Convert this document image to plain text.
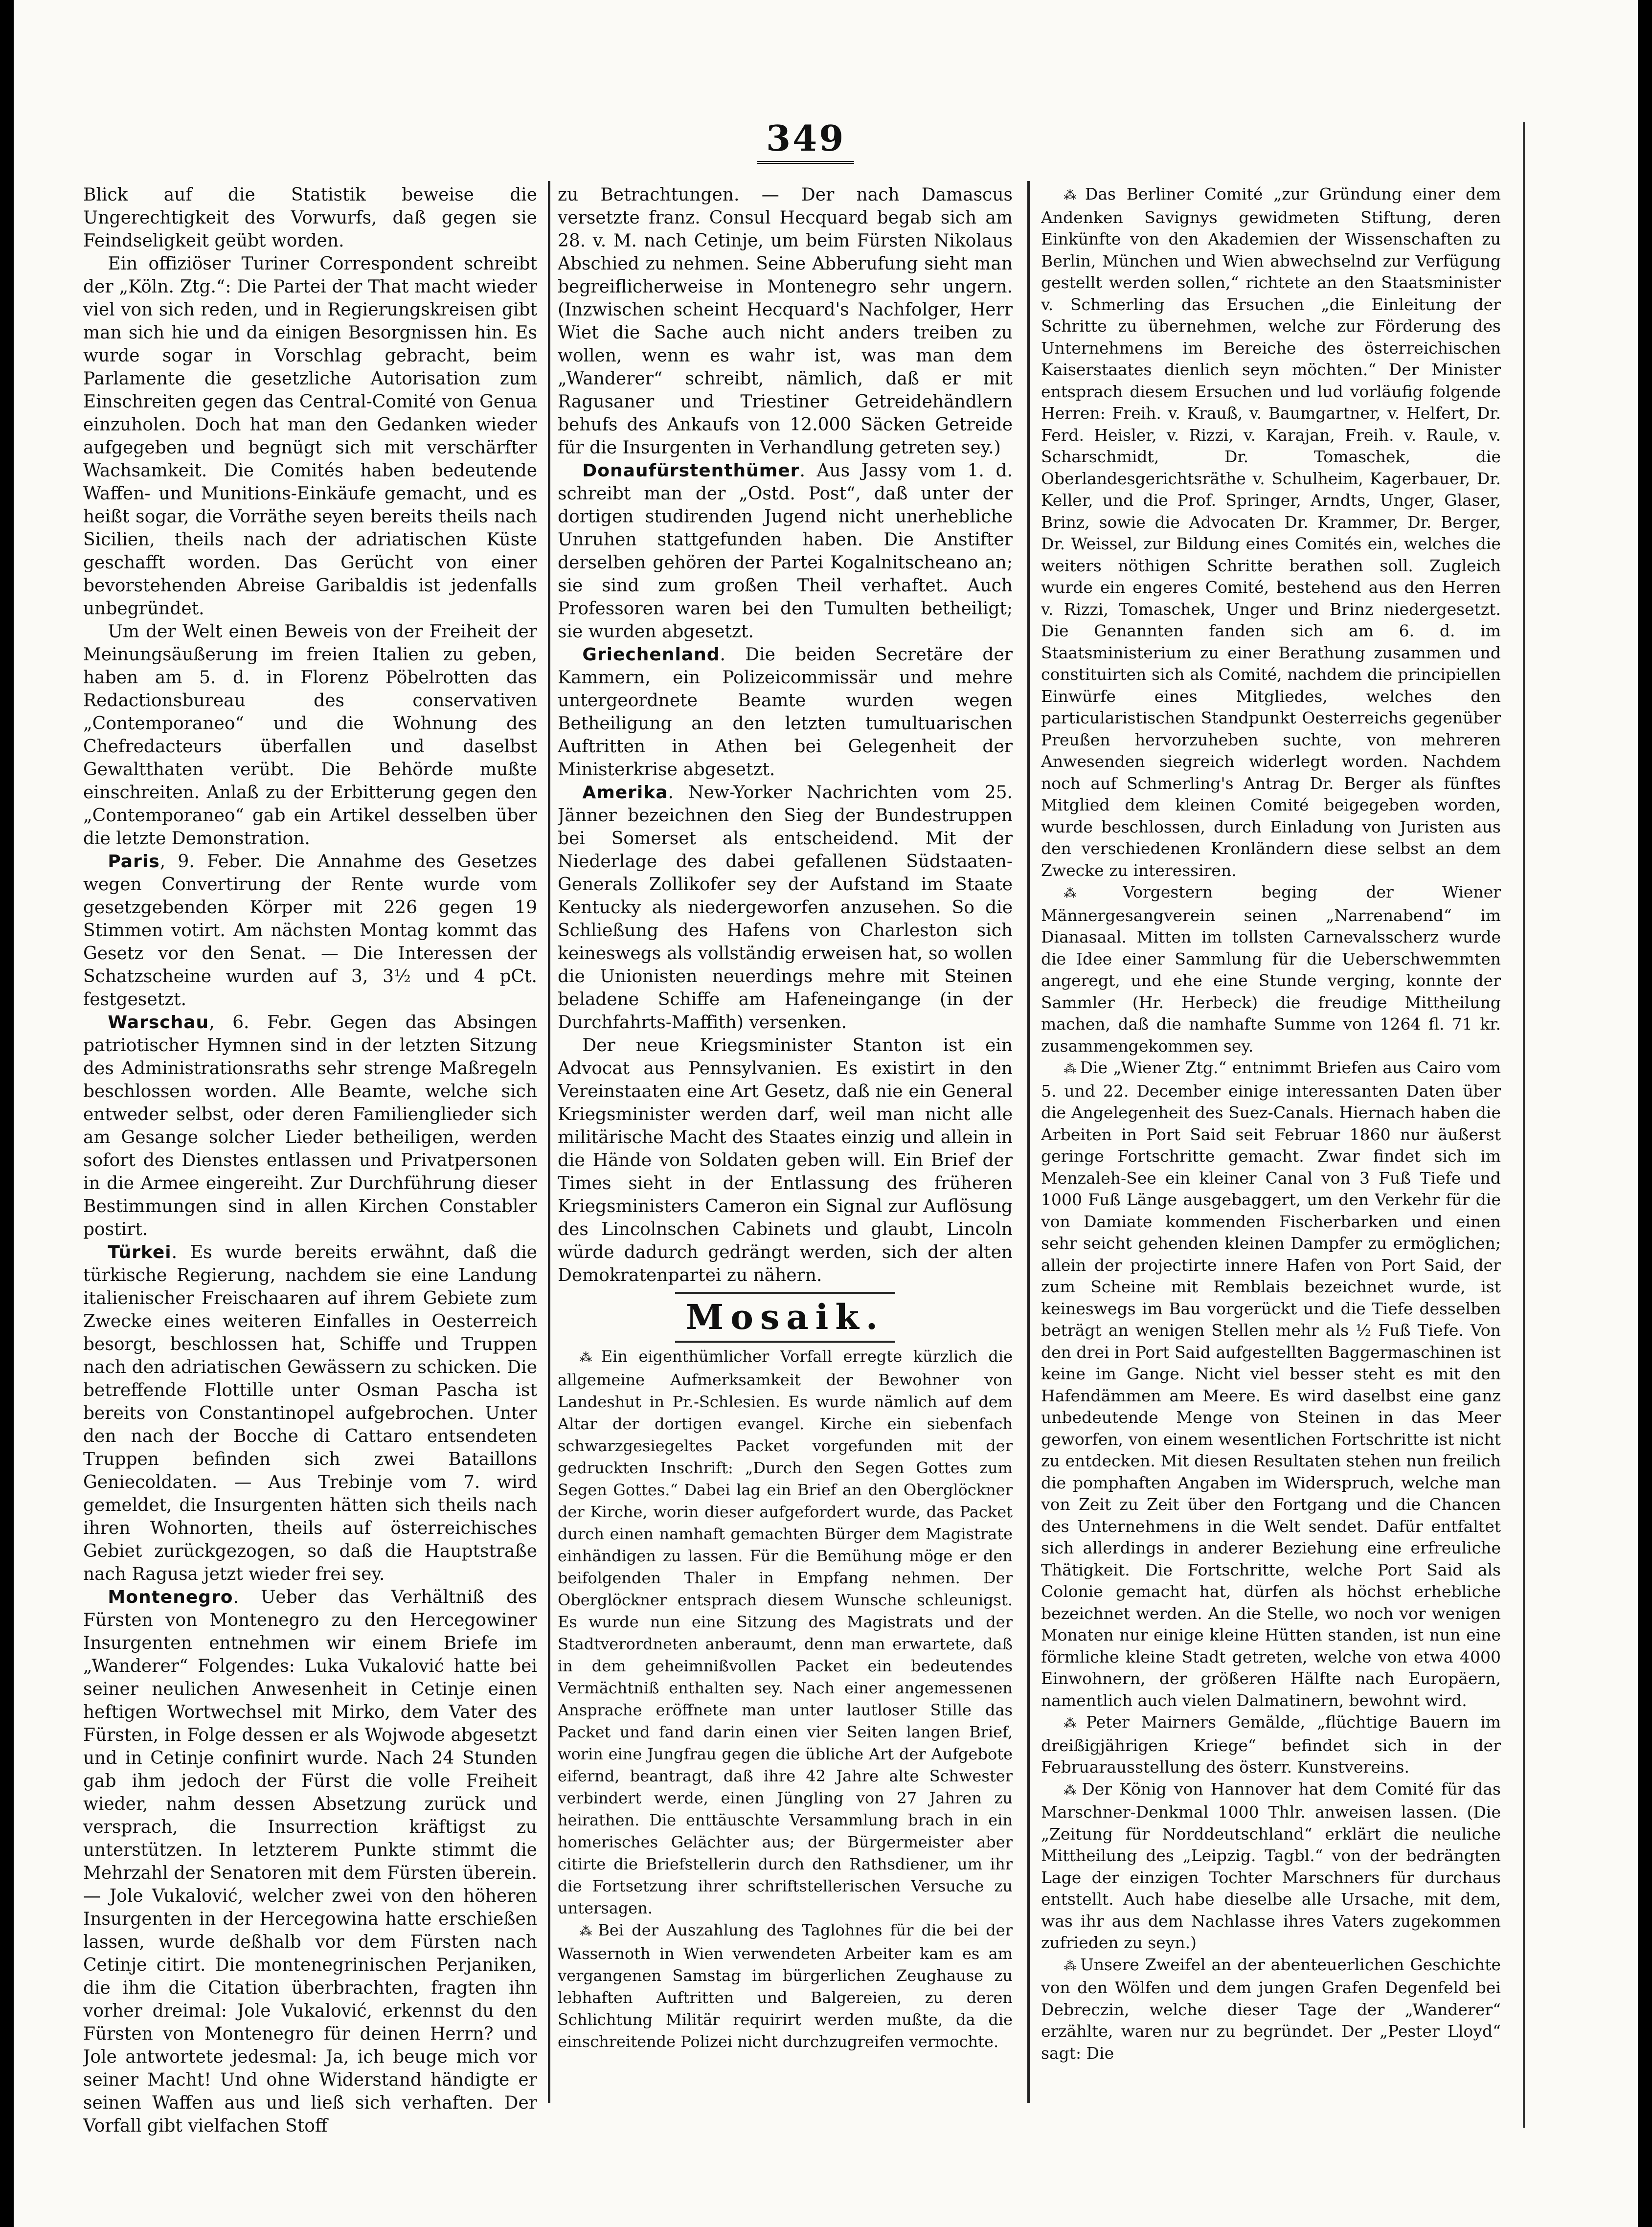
349

Blick auf die Statistik beweise die Ungerechtigkeit des Vorwurfs, daß gegen sie Feindseligkeit geübt worden.

Ein offiziöser Turiner Correspondent schreibt der „Köln. Ztg.“: Die Partei der That macht wieder viel von sich reden, und in Regierungskreisen gibt man sich hie und da einigen Besorgnissen hin. Es wurde sogar in Vorschlag gebracht, beim Parlamente die gesetzliche Autorisation zum Einschreiten gegen das Central-Comité von Genua einzuholen. Doch hat man den Gedanken wieder aufgegeben und begnügt sich mit verschärfter Wachsamkeit. Die Comités haben bedeutende Waffen- und Munitions-Einkäufe gemacht, und es heißt sogar, die Vorräthe seyen bereits theils nach Sicilien, theils nach der adriatischen Küste geschafft worden. Das Gerücht von einer bevorstehenden Abreise Garibaldis ist jedenfalls unbegründet.

Um der Welt einen Beweis von der Freiheit der Meinungsäußerung im freien Italien zu geben, haben am 5. d. in Florenz Pöbelrotten das Redactionsbureau des conservativen „Contemporaneo“ und die Wohnung des Chefredacteurs überfallen und daselbst Gewaltthaten verübt. Die Behörde mußte einschreiten. Anlaß zu der Erbitterung gegen den „Contemporaneo“ gab ein Artikel desselben über die letzte Demonstration.

Paris, 9. Feber. Die Annahme des Gesetzes wegen Convertirung der Rente wurde vom gesetzgebenden Körper mit 226 gegen 19 Stimmen votirt. Am nächsten Montag kommt das Gesetz vor den Senat. — Die Interessen der Schatzscheine wurden auf 3, 3½ und 4 pCt. festgesetzt.

Warschau, 6. Febr. Gegen das Absingen patriotischer Hymnen sind in der letzten Sitzung des Administrationsraths sehr strenge Maßregeln beschlossen worden. Alle Beamte, welche sich entweder selbst, oder deren Familienglieder sich am Gesange solcher Lieder betheiligen, werden sofort des Dienstes entlassen und Privatpersonen in die Armee eingereiht. Zur Durchführung dieser Bestimmungen sind in allen Kirchen Constabler postirt.

Türkei. Es wurde bereits erwähnt, daß die türkische Regierung, nachdem sie eine Landung italienischer Freischaaren auf ihrem Gebiete zum Zwecke eines weiteren Einfalles in Oesterreich besorgt, beschlossen hat, Schiffe und Truppen nach den adriatischen Gewässern zu schicken. Die betreffende Flottille unter Osman Pascha ist bereits von Constantinopel aufgebrochen. Unter den nach der Bocche di Cattaro entsendeten Truppen befinden sich zwei Bataillons Genieсoldaten. — Aus Trebinje vom 7. wird gemeldet, die Insurgenten hätten sich theils nach ihren Wohnorten, theils auf österreichisches Gebiet zurückgezogen, so daß die Hauptstraße nach Ragusa jetzt wieder frei sey.

Montenegro. Ueber das Verhältniß des Fürsten von Montenegro zu den Hercegowiner Insurgenten entnehmen wir einem Briefe im „Wanderer“ Folgendes: Luka Vukalović hatte bei seiner neulichen Anwesenheit in Cetinje einen heftigen Wortwechsel mit Mirko, dem Vater des Fürsten, in Folge dessen er als Wojwode abgesetzt und in Cetinje confinirt wurde. Nach 24 Stunden gab ihm jedoch der Fürst die volle Freiheit wieder, nahm dessen Absetzung zurück und versprach, die Insurrection kräftigst zu unterstützen. In letzterem Punkte stimmt die Mehrzahl der Senatoren mit dem Fürsten überein. — Jole Vukalović, welcher zwei von den höheren Insurgenten in der Hercegowina hatte erschießen lassen, wurde deßhalb vor dem Fürsten nach Cetinje citirt. Die montenegrinischen Perjaniken, die ihm die Citation überbrachten, fragten ihn vorher dreimal: Jole Vukalović, erkennst du den Fürsten von Montenegro für deinen Herrn? und Jole antwortete jedesmal: Ja, ich beuge mich vor seiner Macht! Und ohne Widerstand händigte er seinen Waffen aus und ließ sich verhaften. Der Vorfall gibt vielfachen Stoff

zu Betrachtungen. — Der nach Damascus versetzte franz. Consul Hecquard begab sich am 28. v. M. nach Cetinje, um beim Fürsten Nikolaus Abschied zu nehmen. Seine Abberufung sieht man begreiflicherweise in Montenegro sehr ungern. (Inzwischen scheint Hecquard's Nachfolger, Herr Wiet die Sache auch nicht anders treiben zu wollen, wenn es wahr ist, was man dem „Wanderer“ schreibt, nämlich, daß er mit Ragusaner und Triestiner Getreidehändlern behufs des Ankaufs von 12.000 Säcken Getreide für die Insurgenten in Verhandlung getreten sey.)

Donaufürstenthümer. Aus Jassy vom 1. d. schreibt man der „Ostd. Post“, daß unter der dortigen studirenden Jugend nicht unerhebliche Unruhen stattgefunden haben. Die Anstifter derselben gehören der Partei Kogalnitscheano an; sie sind zum großen Theil verhaftet. Auch Professoren waren bei den Tumulten betheiligt; sie wurden abgesetzt.

Griechenland. Die beiden Secretäre der Kammern, ein Polizeicommissär und mehre untergeordnete Beamte wurden wegen Betheiligung an den letzten tumultuarischen Auftritten in Athen bei Gelegenheit der Ministerkrise abgesetzt.

Amerika. New-Yorker Nachrichten vom 25. Jänner bezeichnen den Sieg der Bundestruppen bei Somerset als entscheidend. Mit der Niederlage des dabei gefallenen Südstaaten-Generals Zollikofer sey der Aufstand im Staate Kentucky als niedergeworfen anzusehen. So die Schließung des Hafens von Charleston sich keineswegs als vollständig erweisen hat, so wollen die Unionisten neuerdings mehre mit Steinen beladene Schiffe am Hafeneingange (in der Durchfahrts-Maffith) versenken.

Der neue Kriegsminister Stanton ist ein Advocat aus Pennsylvanien. Es existirt in den Vereinstaaten eine Art Gesetz, daß nie ein General Kriegsminister werden darf, weil man nicht alle militärische Macht des Staates einzig und allein in die Hände von Soldaten geben will. Ein Brief der Times sieht in der Entlassung des früheren Kriegsministers Cameron ein Signal zur Auflösung des Lincolnschen Cabinets und glaubt, Lincoln würde dadurch gedrängt werden, sich der alten Demokratenpartei zu nähern.

Mosaik.

⁂ Ein eigenthümlicher Vorfall erregte kürzlich die allgemeine Aufmerksamkeit der Bewohner von Landeshut in Pr.-Schlesien. Es wurde nämlich auf dem Altar der dortigen evangel. Kirche ein siebenfach schwarzgesiegeltes Packet vorgefunden mit der gedruckten Inschrift: „Durch den Segen Gottes zum Segen Gottes.“ Dabei lag ein Brief an den Oberglöckner der Kirche, worin dieser aufgefordert wurde, das Packet durch einen namhaft gemachten Bürger dem Magistrate einhändigen zu lassen. Für die Bemühung möge er den beifolgenden Thaler in Empfang nehmen. Der Oberglöckner entsprach diesem Wunsche schleunigst. Es wurde nun eine Sitzung des Magistrats und der Stadtverordneten anberaumt, denn man erwartete, daß in dem geheimnißvollen Packet ein bedeutendes Vermächtniß enthalten sey. Nach einer angemessenen Ansprache eröffnete man unter lautloser Stille das Packet und fand darin einen vier Seiten langen Brief, worin eine Jungfrau gegen die übliche Art der Aufgebote eifernd, beantragt, daß ihre 42 Jahre alte Schwester verbindert werde, einen Jüngling von 27 Jahren zu heirathen. Die enttäuschte Versammlung brach in ein homerisches Gelächter aus; der Bürgermeister aber citirte die Briefstellerin durch den Rathsdiener, um ihr die Fortsetzung ihrer schriftstellerischen Versuche zu untersagen.

⁂ Bei der Auszahlung des Taglohnes für die bei der Wassernoth in Wien verwendeten Arbeiter kam es am vergangenen Samstag im bürgerlichen Zeughause zu lebhaften Auftritten und Balgereien, zu deren Schlichtung Militär requirirt werden mußte, da die einschreitende Polizei nicht durchzugreifen vermochte.

⁂ Das Berliner Comité „zur Gründung einer dem Andenken Savignys gewidmeten Stiftung, deren Einkünfte von den Akademien der Wissenschaften zu Berlin, München und Wien abwechselnd zur Verfügung gestellt werden sollen,“ richtete an den Staatsminister v. Schmerling das Ersuchen „die Einleitung der Schritte zu übernehmen, welche zur Förderung des Unternehmens im Bereiche des österreichischen Kaiserstaates dienlich seyn möchten.“ Der Minister entsprach diesem Ersuchen und lud vorläufig folgende Herren: Freih. v. Krauß, v. Baumgartner, v. Helfert, Dr. Ferd. Heisler, v. Rizzi, v. Karajan, Freih. v. Raule, v. Scharschmidt, Dr. Tomaschek, die Oberlandesgerichtsräthe v. Schulheim, Kagerbauer, Dr. Keller, und die Prof. Springer, Arndts, Unger, Glaser, Brinz, sowie die Advocaten Dr. Krammer, Dr. Berger, Dr. Weissel, zur Bildung eines Comités ein, welches die weiters nöthigen Schritte berathen soll. Zugleich wurde ein engeres Comité, bestehend aus den Herren v. Rizzi, Tomaschek, Unger und Brinz niedergesetzt. Die Genannten fanden sich am 6. d. im Staatsministerium zu einer Berathung zusammen und constituirten sich als Comité, nachdem die principiellen Einwürfe eines Mitgliedes, welches den particularistischen Standpunkt Oesterreichs gegenüber Preußen hervorzuheben suchte, von mehreren Anwesenden siegreich widerlegt worden. Nachdem noch auf Schmerling's Antrag Dr. Berger als fünftes Mitglied dem kleinen Comité beigegeben worden, wurde beschlossen, durch Einladung von Juristen aus den verschiedenen Kronländern diese selbst an dem Zwecke zu interessiren.

⁂ Vorgestern beging der Wiener Männergesangverein seinen „Narrenabend“ im Dianasaal. Mitten im tollsten Carnevalsscherz wurde die Idee einer Sammlung für die Ueberschwemmten angeregt, und ehe eine Stunde verging, konnte der Sammler (Hr. Herbeck) die freudige Mittheilung machen, daß die namhafte Summe von 1264 fl. 71 kr. zusammengekommen sey.

⁂ Die „Wiener Ztg.“ entnimmt Briefen aus Cairo vom 5. und 22. December einige interessanten Daten über die Angelegenheit des Suez-Canals. Hiernach haben die Arbeiten in Port Said seit Februar 1860 nur äußerst geringe Fortschritte gemacht. Zwar findet sich im Menzaleh-See ein kleiner Canal von 3 Fuß Tiefe und 1000 Fuß Länge ausgebaggert, um den Verkehr für die von Damiate kommenden Fischerbarken und einen sehr seicht gehenden kleinen Dampfer zu ermöglichen; allein der projectirte innere Hafen von Port Said, der zum Scheine mit Remblais bezeichnet wurde, ist keineswegs im Bau vorgerückt und die Tiefe desselben beträgt an wenigen Stellen mehr als ½ Fuß Tiefe. Von den drei in Port Said aufgestellten Baggermaschinen ist keine im Gange. Nicht viel besser steht es mit den Hafendämmen am Meere. Es wird daselbst eine ganz unbedeutende Menge von Steinen in das Meer geworfen, von einem wesentlichen Fortschritte ist nicht zu entdecken. Mit diesen Resultaten stehen nun freilich die pomphaften Angaben im Widerspruch, welche man von Zeit zu Zeit über den Fortgang und die Chancen des Unternehmens in die Welt sendet. Dafür entfaltet sich allerdings in anderer Beziehung eine erfreuliche Thätigkeit. Die Fortschritte, welche Port Said als Colonie gemacht hat, dürfen als höchst erhebliche bezeichnet werden. An die Stelle, wo noch vor wenigen Monaten nur einige kleine Hütten standen, ist nun eine förmliche kleine Stadt getreten, welche von etwa 4000 Einwohnern, der größeren Hälfte nach Europäern, namentlich auch vielen Dalmatinern, bewohnt wird.

⁂ Peter Mairners Gemälde, „flüchtige Bauern im dreißigjährigen Kriege“ befindet sich in der Februarausstellung des österr. Kunstvereins.

⁂ Der König von Hannover hat dem Comité für das Marschner-Denkmal 1000 Thlr. anweisen lassen. (Die „Zeitung für Norddeutschland“ erklärt die neuliche Mittheilung des „Leipzig. Tagbl.“ von der bedrängten Lage der einzigen Tochter Marschners für durchaus entstellt. Auch habe dieselbe alle Ursache, mit dem, was ihr aus dem Nachlasse ihres Vaters zugekommen zufrieden zu seyn.)

⁂ Unsere Zweifel an der abenteuerlichen Geschichte von den Wölfen und dem jungen Grafen Degenfeld bei Debreczin, welche dieser Tage der „Wanderer“ erzählte, waren nur zu begründet. Der „Pester Lloyd“ sagt: Die
